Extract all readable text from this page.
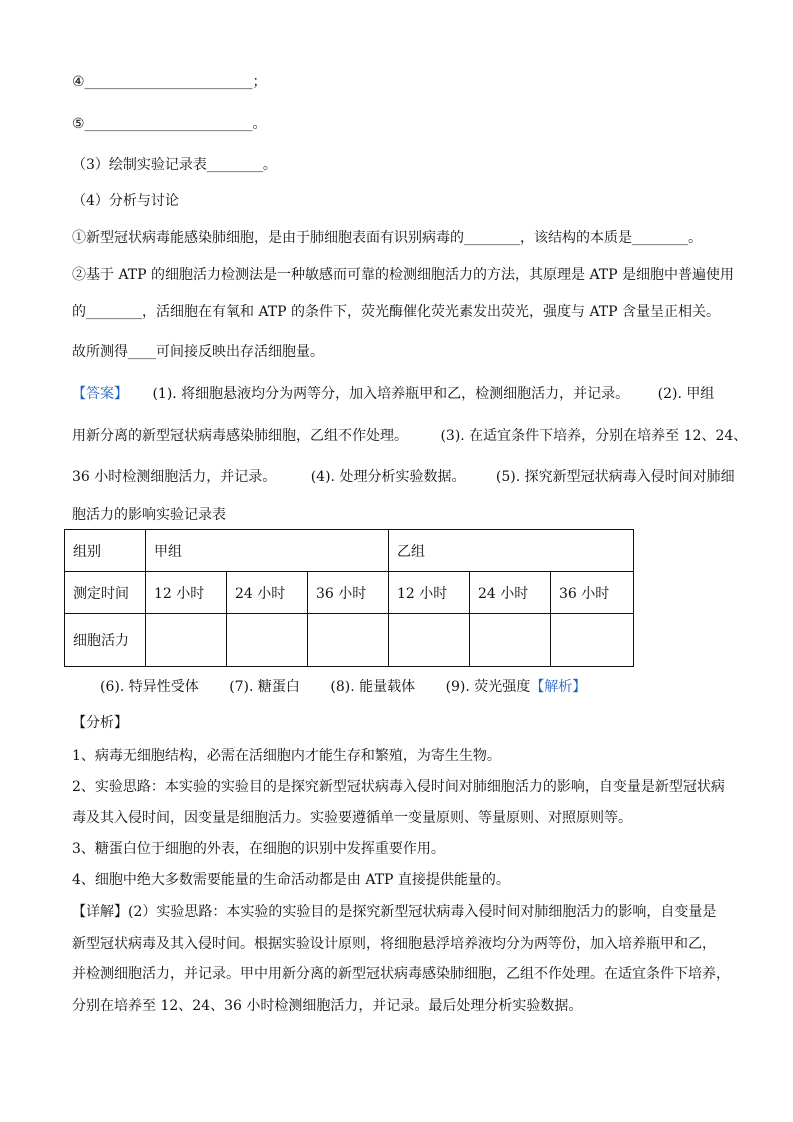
④________________________；
⑤________________________。
（3）绘制实验记录表________。
（4）分析与讨论
①新型冠状病毒能感染肺细胞，是由于肺细胞表面有识别病毒的________，该结构的本质是________。
②基于 ATP 的细胞活力检测法是一种敏感而可靠的检测细胞活力的方法，其原理是 ATP 是细胞中普遍使用
的________，活细胞在有氧和 ATP 的条件下，荧光酶催化荧光素发出荧光，强度与 ATP 含量呈正相关。
故所测得____可间接反映出存活细胞量。
【答案】 (1). 将细胞悬液均分为两等分，加入培养瓶甲和乙，检测细胞活力，并记录。 (2). 甲组
用新分离的新型冠状病毒感染肺细胞，乙组不作处理。 (3). 在适宜条件下培养，分别在培养至 12、24、
36 小时检测细胞活力，并记录。 (4). 处理分析实验数据。 (5). 探究新型冠状病毒入侵时间对肺细
胞活力的影响实验记录表
组别	甲组			乙组		
测定时间	12 小时	24 小时	36 小时	12 小时	24 小时	36 小时
细胞活力						
(6). 特异性受体 (7). 糖蛋白 (8). 能量载体 (9). 荧光强度【解析】
【分析】
1、病毒无细胞结构，必需在活细胞内才能生存和繁殖，为寄生生物。
2、实验思路：本实验的实验目的是探究新型冠状病毒入侵时间对肺细胞活力的影响，自变量是新型冠状病
毒及其入侵时间，因变量是细胞活力。实验要遵循单一变量原则、等量原则、对照原则等。
3、糖蛋白位于细胞的外表，在细胞的识别中发挥重要作用。
4、细胞中绝大多数需要能量的生命活动都是由 ATP 直接提供能量的。
【详解】(2）实验思路：本实验的实验目的是探究新型冠状病毒入侵时间对肺细胞活力的影响，自变量是
新型冠状病毒及其入侵时间。根据实验设计原则，将细胞悬浮培养液均分为两等份，加入培养瓶甲和乙，
并检测细胞活力，并记录。甲中用新分离的新型冠状病毒感染肺细胞，乙组不作处理。在适宜条件下培养，
分别在培养至 12、24、36 小时检测细胞活力，并记录。最后处理分析实验数据。
